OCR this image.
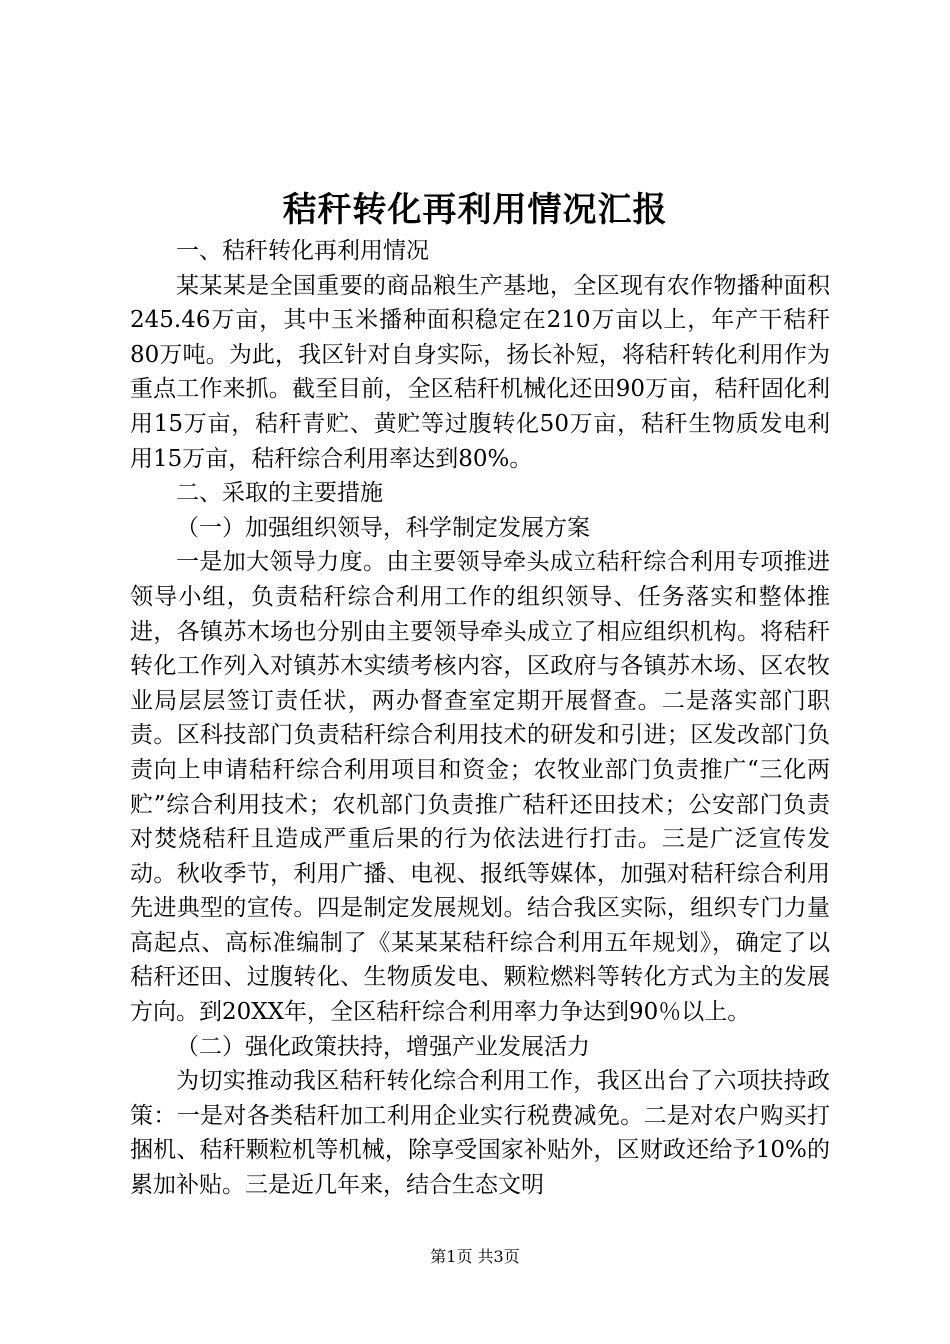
秸秆转化再利用情况汇报

一、秸秆转化再利用情况

某某某是全国重要的商品粮生产基地，全区现有农作物播种面积245.46万亩，其中玉米播种面积稳定在210万亩以上，年产干秸秆80万吨。为此，我区针对自身实际，扬长补短，将秸秆转化利用作为重点工作来抓。截至目前，全区秸秆机械化还田90万亩，秸秆固化利用15万亩，秸秆青贮、黄贮等过腹转化50万亩，秸秆生物质发电利用15万亩，秸秆综合利用率达到80%。

二、采取的主要措施

（一）加强组织领导，科学制定发展方案

一是加大领导力度。由主要领导牵头成立秸秆综合利用专项推进领导小组，负责秸秆综合利用工作的组织领导、任务落实和整体推进，各镇苏木场也分别由主要领导牵头成立了相应组织机构。将秸秆转化工作列入对镇苏木实绩考核内容，区政府与各镇苏木场、区农牧业局层层签订责任状，两办督查室定期开展督查。二是落实部门职责。区科技部门负责秸秆综合利用技术的研发和引进；区发改部门负责向上申请秸秆综合利用项目和资金；农牧业部门负责推广“三化两贮”综合利用技术；农机部门负责推广秸秆还田技术；公安部门负责对焚烧秸秆且造成严重后果的行为依法进行打击。三是广泛宣传发动。秋收季节，利用广播、电视、报纸等媒体，加强对秸秆综合利用先进典型的宣传。四是制定发展规划。结合我区实际，组织专门力量高起点、高标准编制了《某某某秸秆综合利用五年规划》，确定了以秸秆还田、过腹转化、生物质发电、颗粒燃料等转化方式为主的发展方向。到20XX年，全区秸秆综合利用率力争达到90％以上。

（二）强化政策扶持，增强产业发展活力

为切实推动我区秸秆转化综合利用工作，我区出台了六项扶持政策：一是对各类秸秆加工利用企业实行税费减免。二是对农户购买打捆机、秸秆颗粒机等机械，除享受国家补贴外，区财政还给予10%的累加补贴。三是近几年来，结合生态文明

第1页 共3页
